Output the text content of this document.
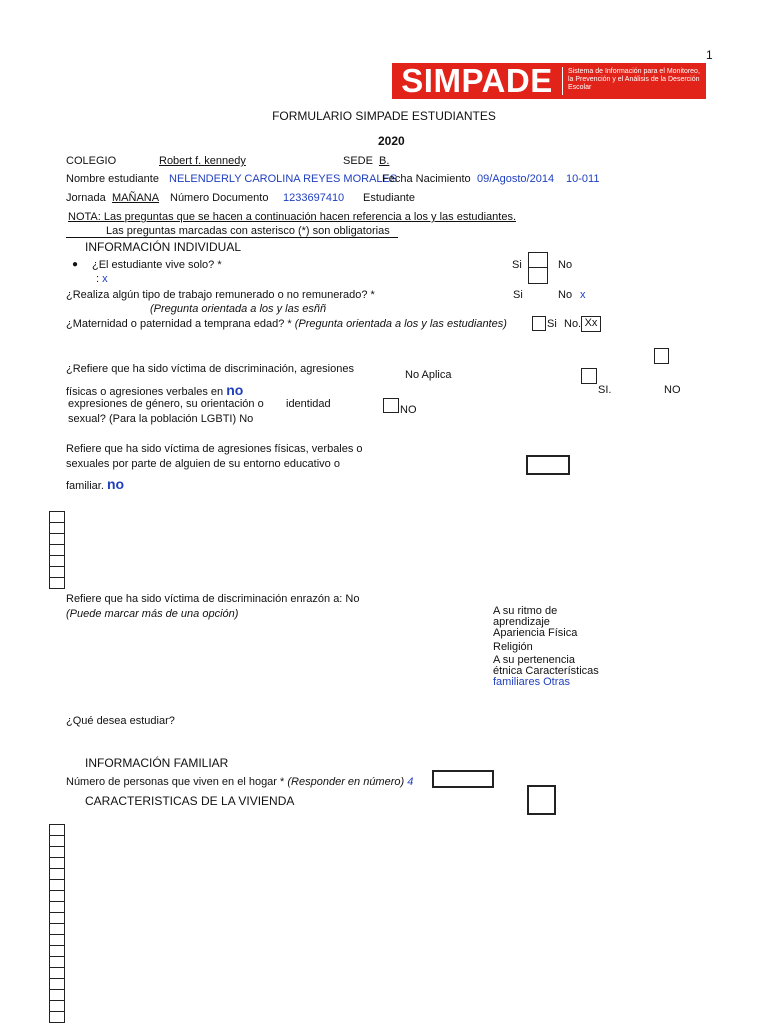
1
SIMPADE	Sistema de Información para el Monitoreo, la Prevención y el Análisis de la Deserción Escolar
FORMULARIO SIMPADE ESTUDIANTES
2020
COLEGIO	Robert f. kennedy	SEDE B.
Nombre estudiante NELENDERLY CAROLINA REYES MORALES
Fecha Nacimiento 09/Agosto/2014 10-011
Jornada MAÑANA Número Documento 1233697410 Estudiante
NOTA: Las preguntas que se hacen a continuación hacen referencia a los y las estudiantes.
Las preguntas marcadas con asterisco (*) son obligatorias
INFORMACIÓN INDIVIDUAL
● ¿El estudiante vive solo? *
: x
Si	No
¿Realiza algún tipo de trabajo remunerado o no remunerado? *
(Pregunta orientada a los y las esññ
Si	No x
¿Maternidad o paternidad a temprana edad? * (Pregunta orientada a los y las estudiantes)	Si No. Xx
¿Refiere que ha sido víctima de discriminación, agresiones
físicas o agresiones verbales en no
expresiones de género, su orientación o identidad
sexual? (Para la población LGBTI) No
No Aplica
SI.	NO
NO
Refiere que ha sido víctima de agresiones físicas, verbales o
sexuales por parte de alguien de su entorno educativo o
familiar. no
Refiere que ha sido víctima de discriminación enrazón a: No
(Puede marcar más de una opción)	A su ritmo de
aprendizaje
Apariencia Física
Religión
A su pertenencia
étnica Características
familiares Otras
¿Qué desea estudiar?
INFORMACIÓN FAMILIAR
Número de personas que viven en el hogar * (Responder en número) 4
CARACTERISTICAS DE LA VIVIENDA
